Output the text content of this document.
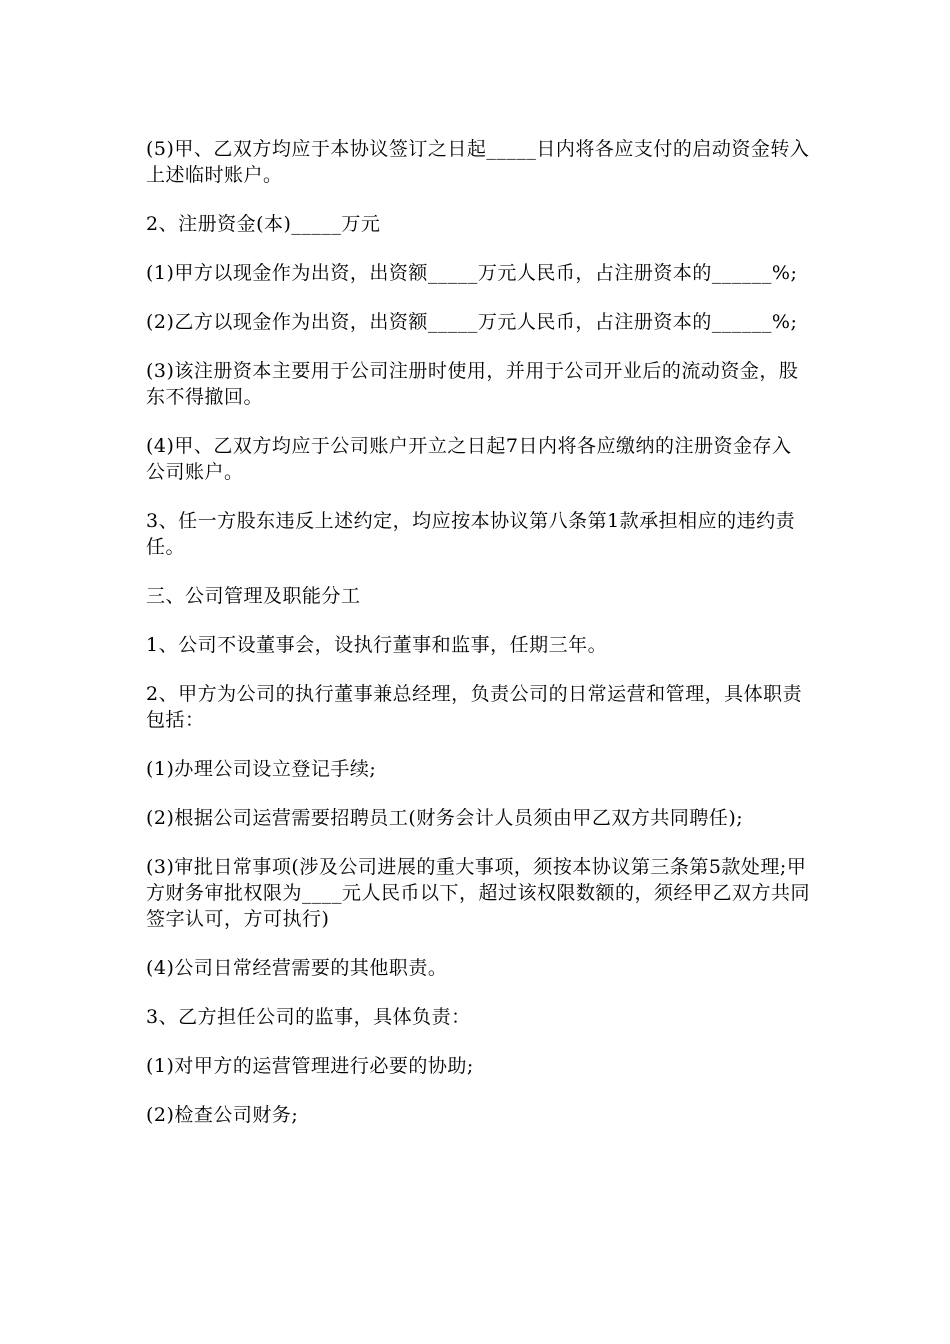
(5)甲、乙双方均应于本协议签订之日起_____日内将各应支付的启动资金转入上述临时账户。

2、注册资金(本)_____万元

(1)甲方以现金作为出资，出资额_____万元人民币，占注册资本的______%;

(2)乙方以现金作为出资，出资额_____万元人民币，占注册资本的______%;

(3)该注册资本主要用于公司注册时使用，并用于公司开业后的流动资金，股东不得撤回。

(4)甲、乙双方均应于公司账户开立之日起7日内将各应缴纳的注册资金存入公司账户。

3、任一方股东违反上述约定，均应按本协议第八条第1款承担相应的违约责任。

三、公司管理及职能分工

1、公司不设董事会，设执行董事和监事，任期三年。

2、甲方为公司的执行董事兼总经理，负责公司的日常运营和管理，具体职责包括：

(1)办理公司设立登记手续;

(2)根据公司运营需要招聘员工(财务会计人员须由甲乙双方共同聘任);

(3)审批日常事项(涉及公司进展的重大事项，须按本协议第三条第5款处理;甲方财务审批权限为____元人民币以下，超过该权限数额的，须经甲乙双方共同签字认可，方可执行)

(4)公司日常经营需要的其他职责。

3、乙方担任公司的监事，具体负责：

(1)对甲方的运营管理进行必要的协助;

(2)检查公司财务;
